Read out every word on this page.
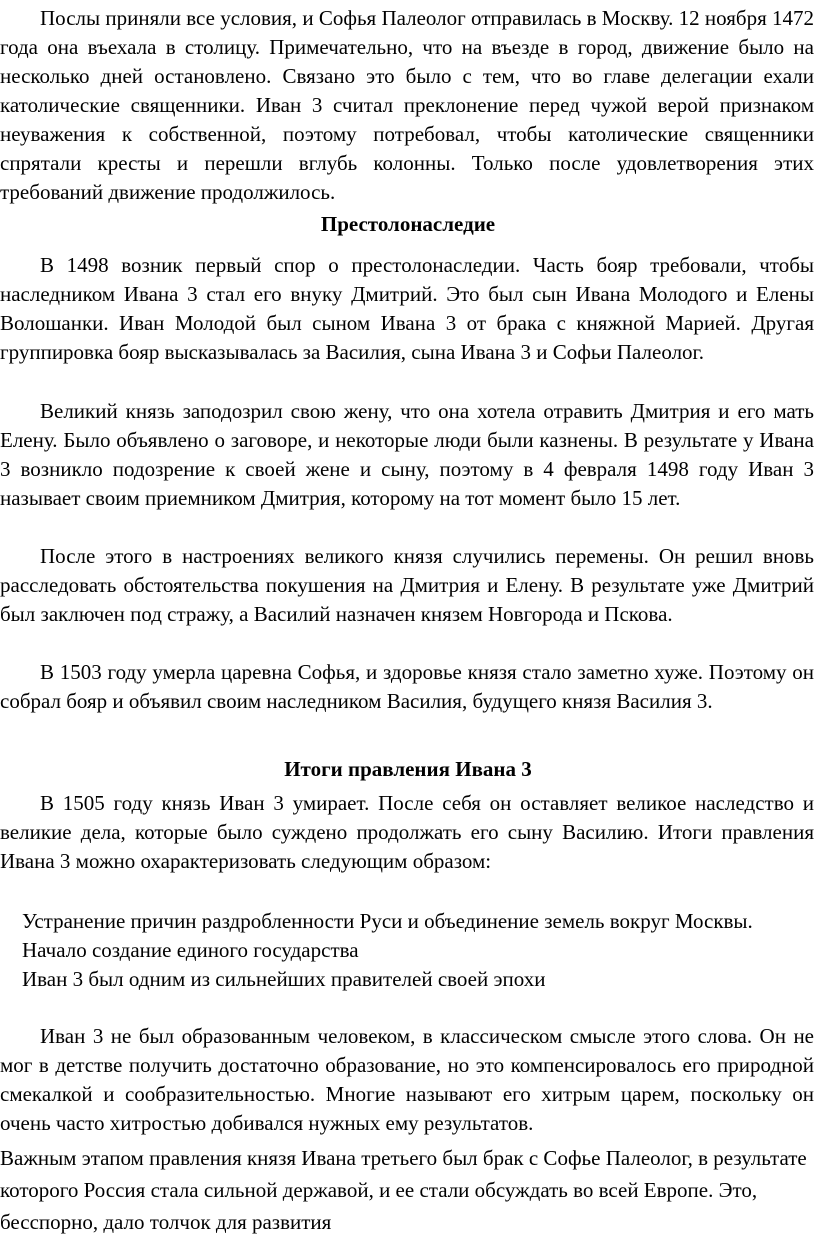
Послы приняли все условия, и Софья Палеолог отправилась в Москву. 12 ноября 1472 года она въехала в столицу. Примечательно, что на въезде в город, движение было на несколько дней остановлено. Связано это было с тем, что во главе делегации ехали католические священники. Иван 3 считал преклонение перед чужой верой признаком неуважения к собственной, поэтому потребовал, чтобы католические священники спрятали кресты и перешли вглубь колонны. Только после удовлетворения этих требований движение продолжилось.

Престолонаследие

В 1498 возник первый спор о престолонаследии. Часть бояр требовали, чтобы наследником Ивана 3 стал его внуку Дмитрий. Это был сын Ивана Молодого и Елены Волошанки. Иван Молодой был сыном Ивана 3 от брака с княжной Марией. Другая группировка бояр высказывалась за Василия, сына Ивана 3 и Софьи Палеолог.

Великий князь заподозрил свою жену, что она хотела отравить Дмитрия и его мать Елену. Было объявлено о заговоре, и некоторые люди были казнены. В результате у Ивана 3 возникло подозрение к своей жене и сыну, поэтому в 4 февраля 1498 году Иван 3 называет своим приемником Дмитрия, которому на тот момент было 15 лет.

После этого в настроениях великого князя случились перемены. Он решил вновь расследовать обстоятельства покушения на Дмитрия и Елену. В результате уже Дмитрий был заключен под стражу, а Василий назначен князем Новгорода и Пскова.

В 1503 году умерла царевна Софья, и здоровье князя стало заметно хуже. Поэтому он собрал бояр и объявил своим наследником Василия, будущего князя Василия 3.

Итоги правления Ивана 3

В 1505 году князь Иван 3 умирает. После себя он оставляет великое наследство и великие дела, которые было суждено продолжать его сыну Василию. Итоги правления Ивана 3 можно охарактеризовать следующим образом:

Устранение причин раздробленности Руси и объединение земель вокруг Москвы.
Начало создание единого государства
Иван 3 был одним из сильнейших правителей своей эпохи

Иван 3 не был образованным человеком, в классическом смысле этого слова. Он не мог в детстве получить достаточно образование, но это компенсировалось его природной смекалкой и сообразительностью. Многие называют его хитрым царем, поскольку он очень часто хитростью добивался нужных ему результатов.

Важным этапом правления князя Ивана третьего был брак с Софье Палеолог, в результате которого Россия стала сильной державой, и ее стали обсуждать во всей Европе. Это, бесспорно, дало толчок для развития
